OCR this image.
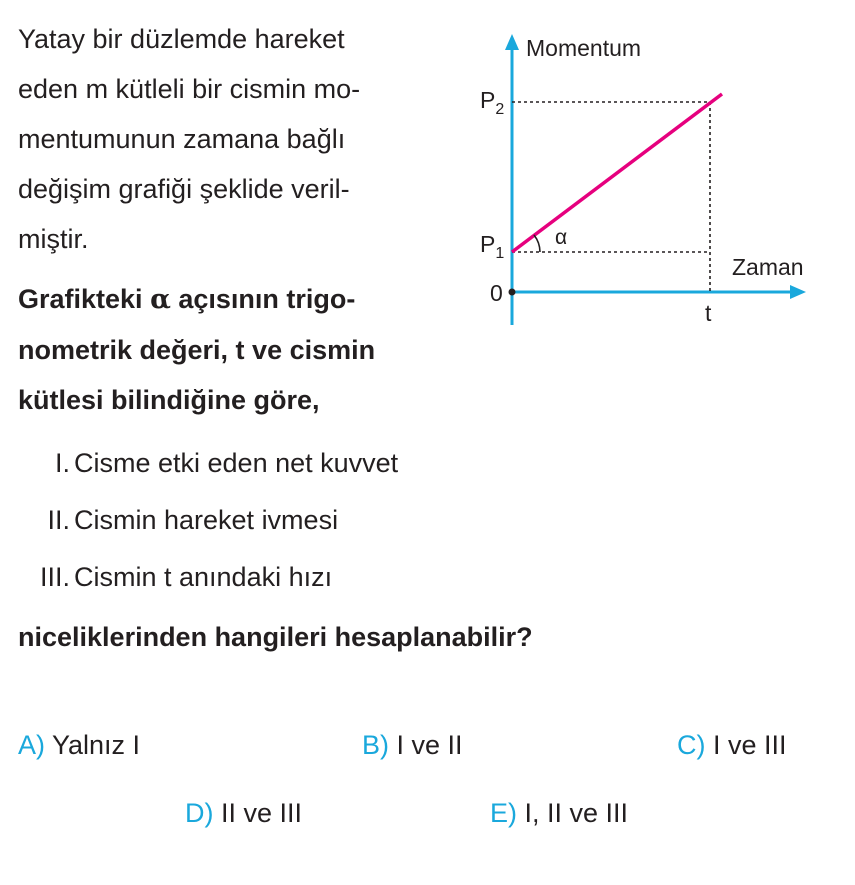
Yatay bir düzlemde hareket
eden m kütleli bir cismin mo-
mentumunun zamana bağlı
değişim grafiği şeklide veril-
miştir.
Grafikteki α açısının trigo-
nometrik değeri, t ve cismin
kütlesi bilindiğine göre,
α
Momentum
Zaman
0
$P_2$
$P_1$
t
I. Cisme etki eden net kuvvet
II. Cismin hareket ivmesi
III. Cismin t anındaki hızı
niceliklerinden hangileri hesaplanabilir?
A) Yalnız I	B) I ve II	C) I ve III
D) II ve III	E) I, II ve III
